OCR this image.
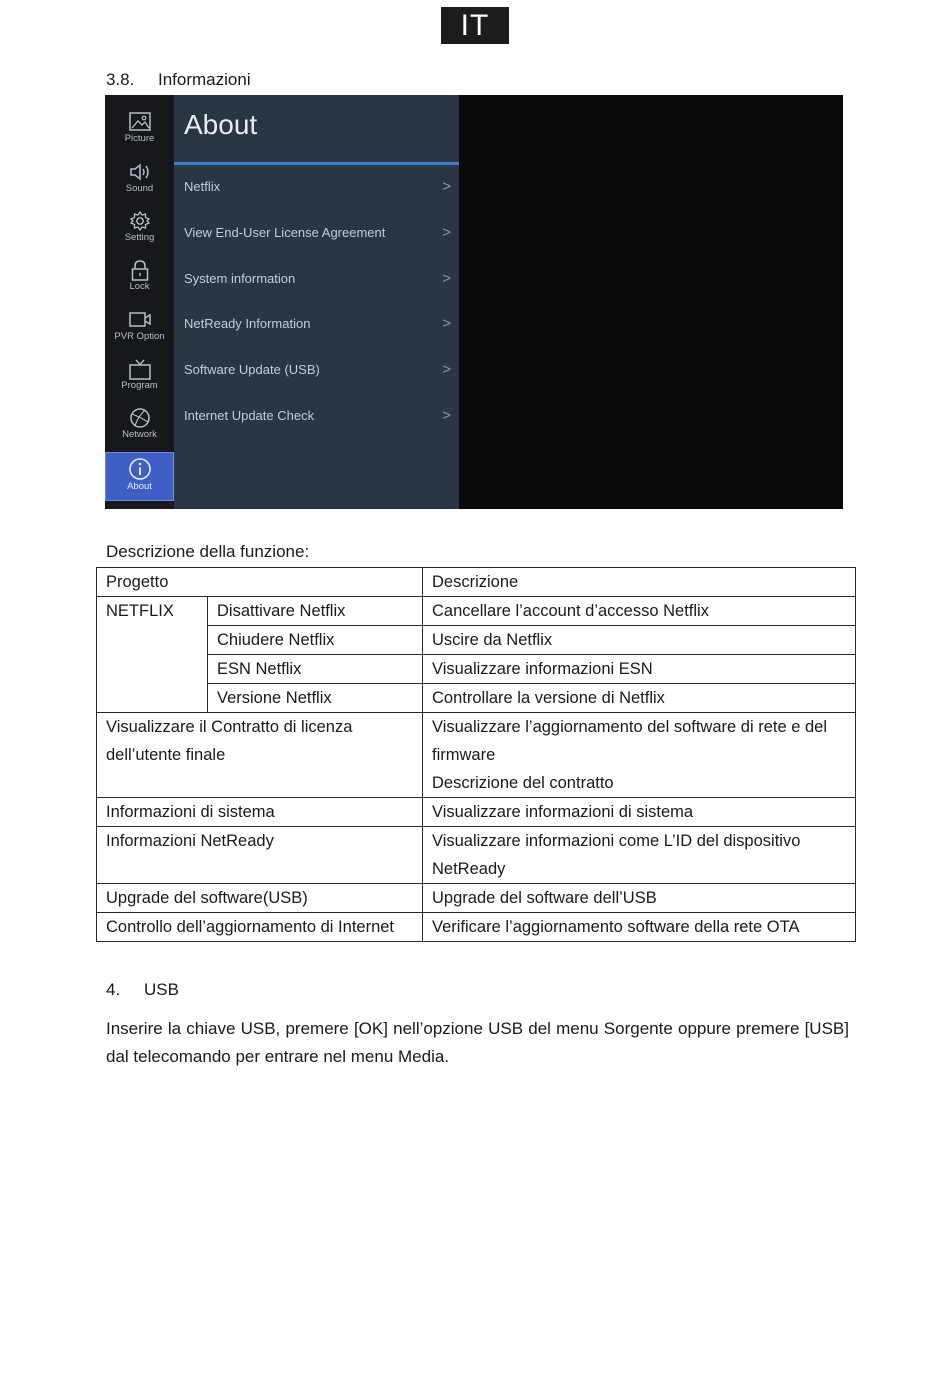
IT
3.8. Informazioni
Picture
Sound
Setting
Lock
PVR Option
Program
Network
About
About
Netflix	>
View End-User License Agreement	>
System information	>
NetReady Information	>
Software Update (USB)	>
Internet Update Check	>
Descrizione della funzione:
Progetto		Descrizione
NETFLIX	Disattivare Netflix	Cancellare l’account d’accesso Netflix
	Chiudere Netflix	Uscire da Netflix
	ESN Netflix	Visualizzare informazioni ESN
	Versione Netflix	Controllare la versione di Netflix
Visualizzare il Contratto di licenza dell’utente finale		Visualizzare l’aggiornamento del software di rete e del firmware
Descrizione del contratto

Informazioni di sistema		Visualizzare informazioni di sistema
Informazioni NetReady		Visualizzare informazioni come L’ID del dispositivo NetReady
Upgrade del software(USB)		Upgrade del software dell’USB
Controllo dell’aggiornamento di Internet		Verificare l’aggiornamento software della rete OTA
4. USB
Inserire la chiave USB, premere [OK] nell’opzione USB del menu Sorgente oppure premere [USB] dal telecomando per entrare nel menu Media.
